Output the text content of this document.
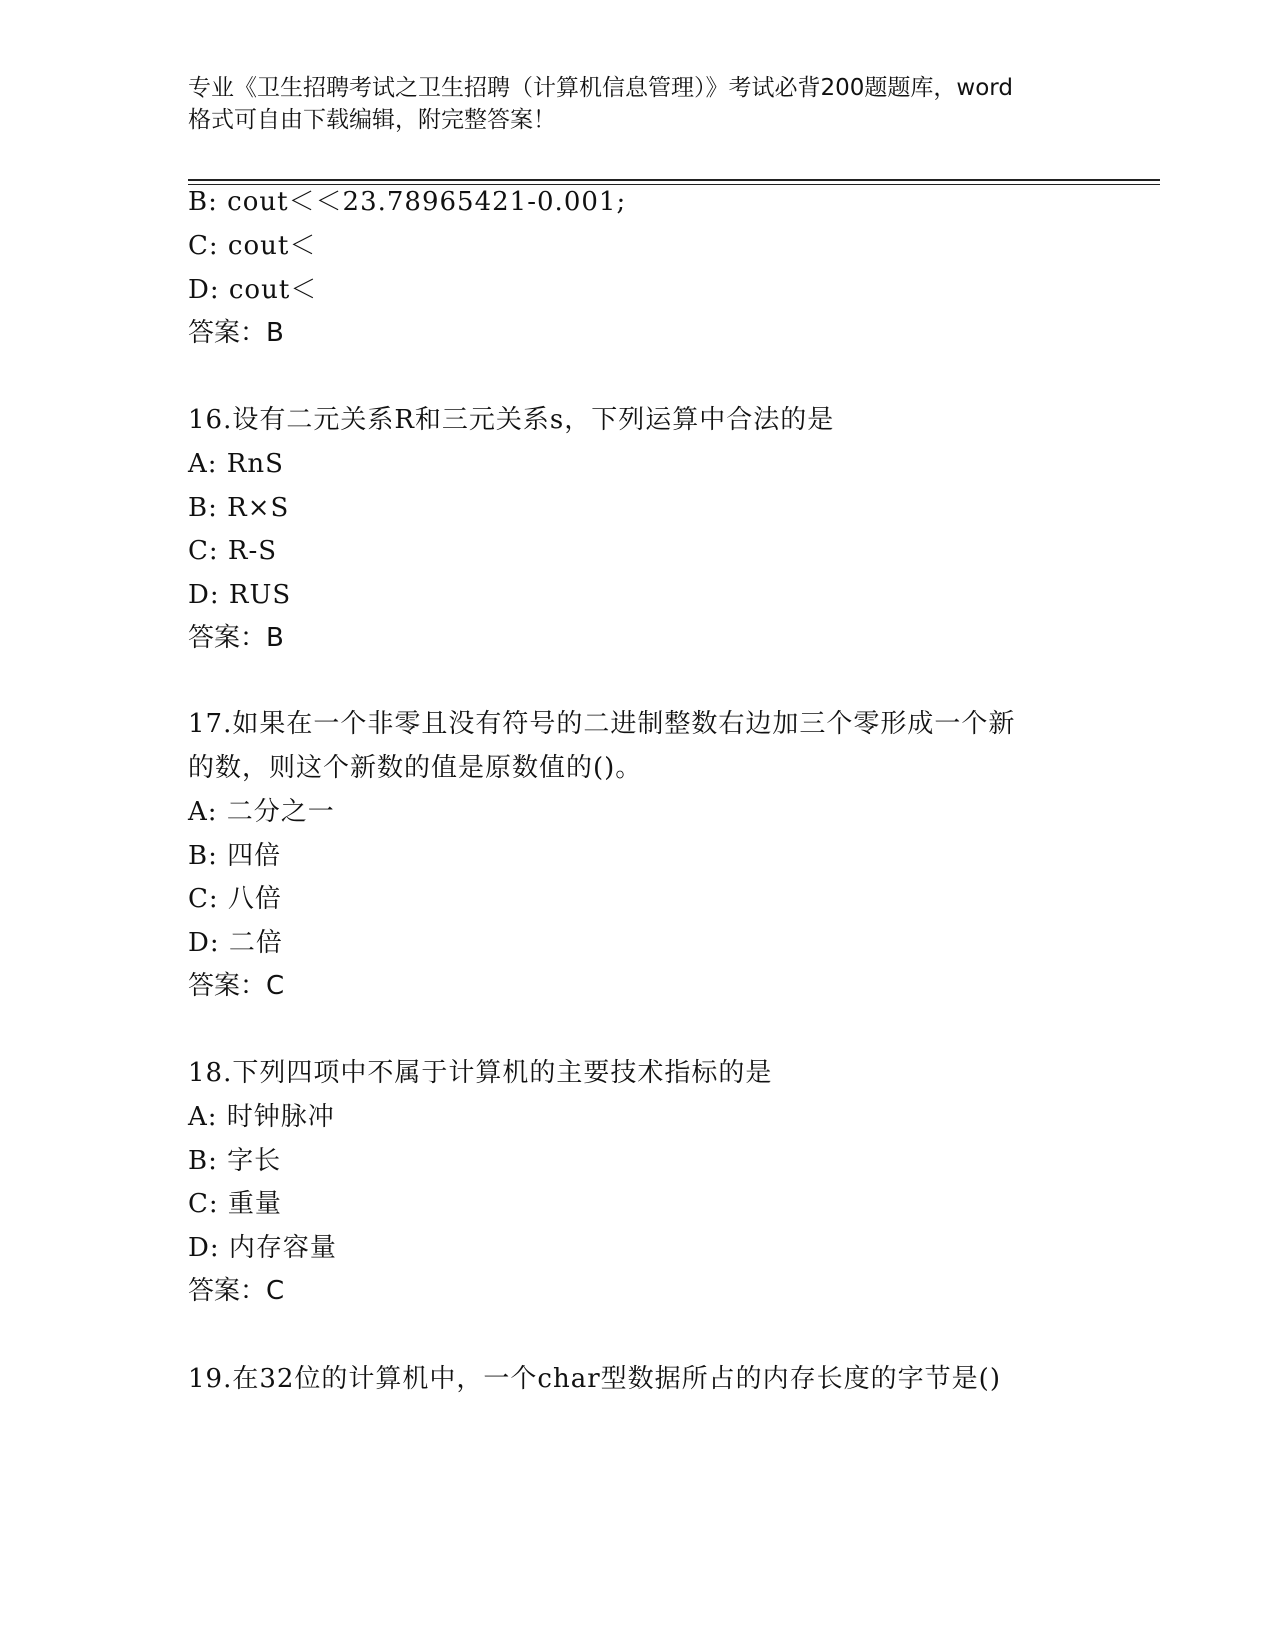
专业《卫生招聘考试之卫生招聘（计算机信息管理）》考试必背200题题库，word
格式可自由下载编辑，附完整答案！
B: cout＜＜23.78965421-0.001;
C: cout＜
D: cout＜
答案：B
16.设有二元关系R和三元关系s，下列运算中合法的是
A: RnS
B: R×S
C: R-S
D: RUS
答案：B
17.如果在一个非零且没有符号的二进制整数右边加三个零形成一个新
的数，则这个新数的值是原数值的()。
A: 二分之一
B: 四倍
C: 八倍
D: 二倍
答案：C
18.下列四项中不属于计算机的主要技术指标的是
A: 时钟脉冲
B: 字长
C: 重量
D: 内存容量
答案：C
19.在32位的计算机中，一个char型数据所占的内存长度的字节是()
